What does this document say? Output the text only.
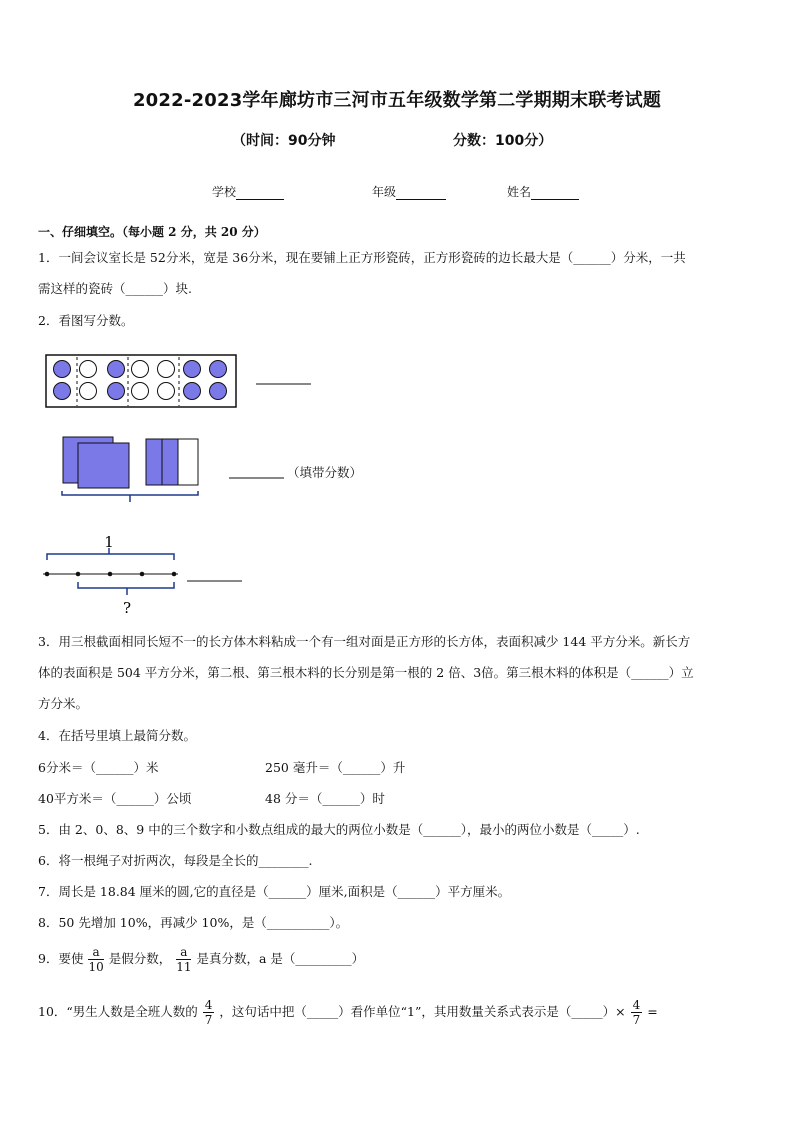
2022-2023学年廊坊市三河市五年级数学第二学期期末联考试题
（时间：90分钟	分数：100分）
学校	年级	姓名
一、仔细填空。（每小题 2 分，共 20 分）
1．一间会议室长是 52分米，宽是 36分米，现在要铺上正方形瓷砖，正方形瓷砖的边长最大是（______）分米，一共
需这样的瓷砖（______）块.
2．看图写分数。
（填带分数）
1
?
3．用三根截面相同长短不一的长方体木料粘成一个有一组对面是正方形的长方体，表面积减少 144 平方分米。新长方
体的表面积是 504 平方分米，第二根、第三根木料的长分别是第一根的 2 倍、3倍。第三根木料的体积是（______）立
方分米。
4．在括号里填上最简分数。
6分米＝（______）米	250 毫升＝（______）升
40平方米＝（______）公顷	48 分＝（______）时
5．由 2、0、8、9 中的三个数字和小数点组成的最大的两位小数是（______），最小的两位小数是（_____）.
6．将一根绳子对折两次，每段是全长的________.
7．周长是 18.84 厘米的圆,它的直径是（______）厘米,面积是（______）平方厘米。
8．50 先增加 10%，再减少 10%，是（__________）。
9．要使 $\frac{a}{10}$ 是假分数， $\frac{a}{11}$ 是真分数，a 是（_________）
10．“男生人数是全班人数的 $\frac{4}{7}$ ，这句话中把（_____）看作单位“1”，其用数量关系式表示是（_____）× $\frac{4}{7}$ =
